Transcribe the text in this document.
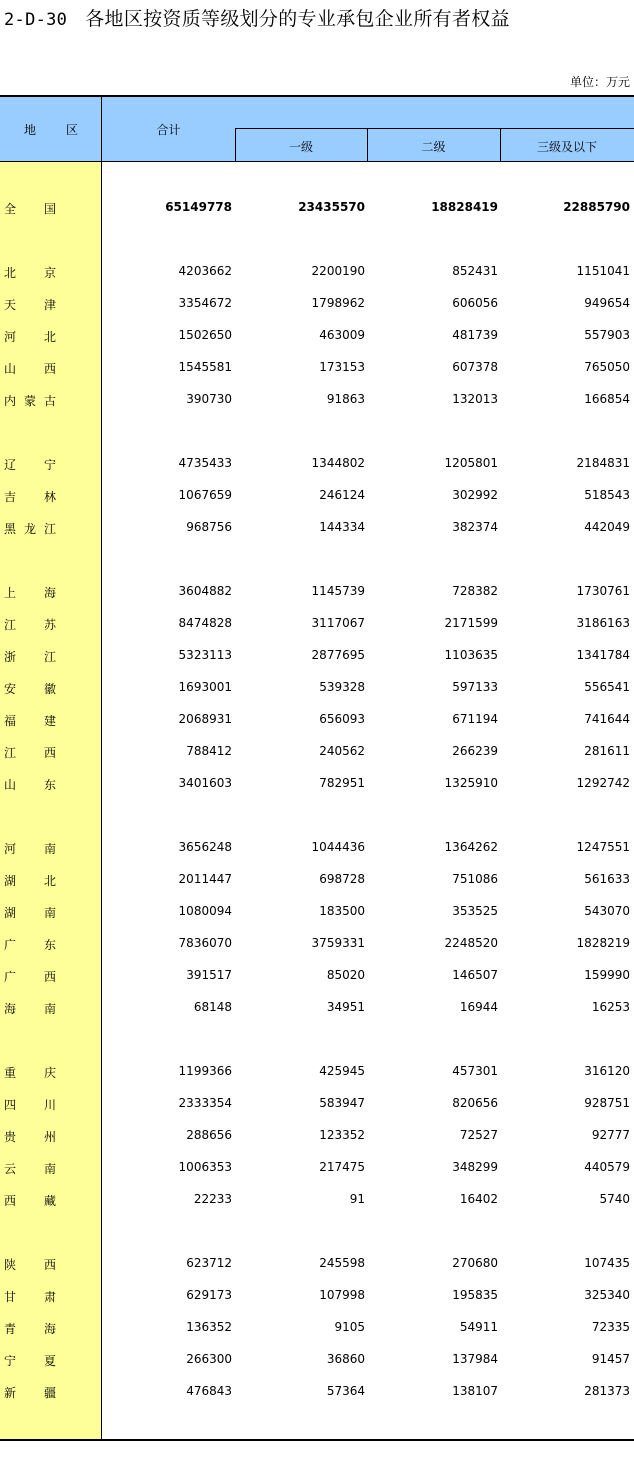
2-D-30 各地区按资质等级划分的专业承包企业所有者权益
单位：万元
地 区	合计
一级	二级	三级及以下
全 国	65149778	23435570	18828419	22885790
北 京	4203662	2200190	852431	1151041
天 津	3354672	1798962	606056	949654
河 北	1502650	463009	481739	557903
山 西	1545581	173153	607378	765050
内 蒙 古	390730	91863	132013	166854
辽 宁	4735433	1344802	1205801	2184831
吉 林	1067659	246124	302992	518543
黑 龙 江	968756	144334	382374	442049
上 海	3604882	1145739	728382	1730761
江 苏	8474828	3117067	2171599	3186163
浙 江	5323113	2877695	1103635	1341784
安 徽	1693001	539328	597133	556541
福 建	2068931	656093	671194	741644
江 西	788412	240562	266239	281611
山 东	3401603	782951	1325910	1292742
河 南	3656248	1044436	1364262	1247551
湖 北	2011447	698728	751086	561633
湖 南	1080094	183500	353525	543070
广 东	7836070	3759331	2248520	1828219
广 西	391517	85020	146507	159990
海 南	68148	34951	16944	16253
重 庆	1199366	425945	457301	316120
四 川	2333354	583947	820656	928751
贵 州	288656	123352	72527	92777
云 南	1006353	217475	348299	440579
西 藏	22233	91	16402	5740
陕 西	623712	245598	270680	107435
甘 肃	629173	107998	195835	325340
青 海	136352	9105	54911	72335
宁 夏	266300	36860	137984	91457
新 疆	476843	57364	138107	281373
